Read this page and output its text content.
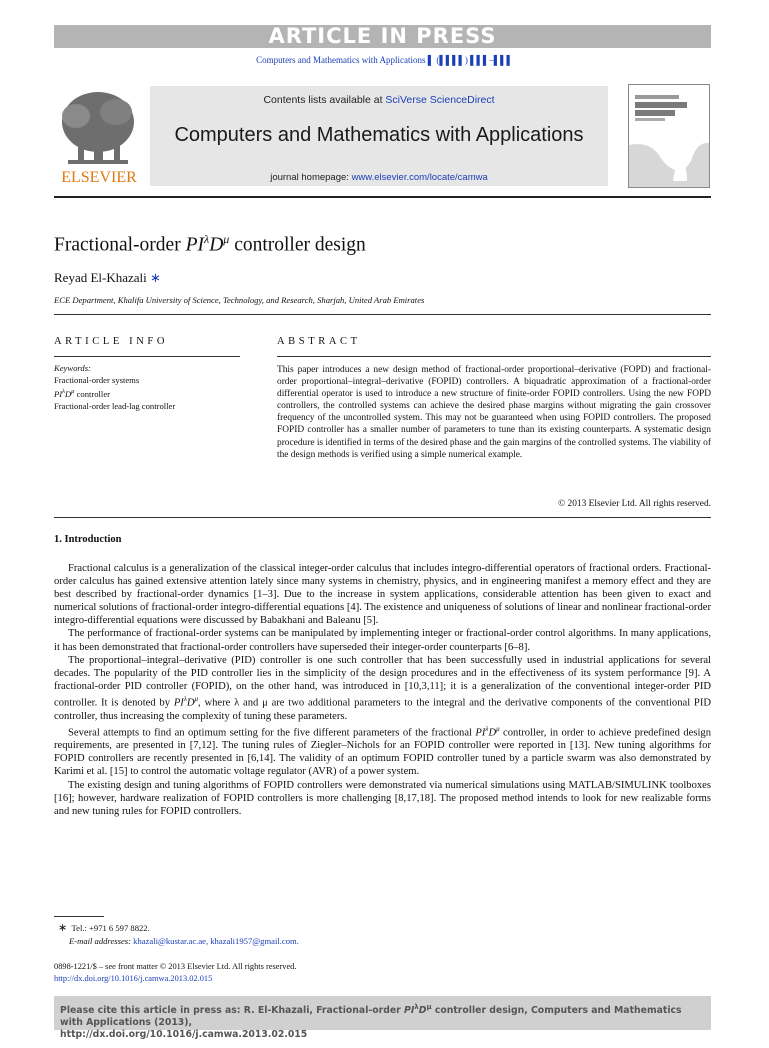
ARTICLE IN PRESS
Computers and Mathematics with Applications ▌ (▌▌▌▌) ▌▌▌–▌▌▌
ELSEVIER
Contents lists available at SciVerse ScienceDirect
Computers and Mathematics with Applications
journal homepage: www.elsevier.com/locate/camwa
Fractional-order $PI^\lambda D^\mu$ controller design
Reyad El-Khazali ∗
ECE Department, Khalifa University of Science, Technology, and Research, Sharjah, United Arab Emirates
ARTICLE INFO	ABSTRACT
Keywords:
Fractional-order systems
$PI^\lambda D^\mu$ controller
Fractional-order lead-lag controller
This paper introduces a new design method of fractional-order proportional–derivative (FOPD) and fractional-order proportional–integral–derivative (FOPID) controllers. A biquadratic approximation of a fractional-order differential operator is used to introduce a new structure of finite-order FOPID controllers. Using the new FOPD controllers, the controlled systems can achieve the desired phase margins without migrating the gain crossover frequency of the uncontrolled system. This may not be guaranteed when using FOPID controllers. The proposed FOPID controller has a smaller number of parameters to tune than its existing counterparts. A systematic design procedure is identified in terms of the desired phase and the gain margins of the controlled systems. The viability of the design methods is verified using a simple numerical example.
© 2013 Elsevier Ltd. All rights reserved.
1. Introduction

Fractional calculus is a generalization of the classical integer-order calculus that includes integro-differential operators of fractional orders. Fractional-order calculus has gained extensive attention lately since many systems in chemistry, physics, and in engineering manifest a memory effect and they are best described by fractional-order dynamics [1–3]. Due to the increase in system applications, considerable attention has been given to exact and numerical solutions of fractional-order integro-differential equations [4]. The existence and uniqueness of solutions of linear and nonlinear fractional-order integro-differential equations were discussed by Babakhani and Baleanu [5].

The performance of fractional-order systems can be manipulated by implementing integer or fractional-order control algorithms. In many applications, it has been demonstrated that fractional-order controllers have superseded their integer-order counterparts [6–8].

The proportional–integral–derivative (PID) controller is one such controller that has been successfully used in industrial applications for several decades. The popularity of the PID controller lies in the simplicity of the design procedures and in the effectiveness of its system performance [9]. A fractional-order PID controller (FOPID), on the other hand, was introduced in [10,3,11]; it is a generalization of the conventional integer-order PID controller. It is denoted by $PI^\lambda D^\mu$, where λ and μ are two additional parameters to the integral and the derivative components of the conventional PID controller, thus increasing the complexity of tuning these parameters.

Several attempts to find an optimum setting for the five different parameters of the fractional $PI^\lambda D^\mu$ controller, in order to achieve predefined design requirements, are presented in [7,12]. The tuning rules of Ziegler–Nichols for an FOPID controller were reported in [13]. New tuning algorithms for FOPID controllers are recently presented in [6,14]. The validity of an optimum FOPID controller tuned by a particle swarm was also demonstrated by Karimi et al. [15] to control the automatic voltage regulator (AVR) of a power system.

The existing design and tuning algorithms of FOPID controllers were demonstrated via numerical simulations using MATLAB/SIMULINK toolboxes [16]; however, hardware realization of FOPID controllers is more challenging [8,17,18]. The proposed method intends to look for new realizable forms and new tuning rules for FOPID controllers.

∗ Tel.: +971 6 597 8822.
E-mail addresses: khazali@kustar.ac.ae, khazali1957@gmail.com.
0898-1221/$ – see front matter © 2013 Elsevier Ltd. All rights reserved.
http://dx.doi.org/10.1016/j.camwa.2013.02.015
Please cite this article in press as: R. El-Khazali, Fractional-order $PI^\lambda D^\mu$ controller design, Computers and Mathematics with Applications (2013),
http://dx.doi.org/10.1016/j.camwa.2013.02.015
